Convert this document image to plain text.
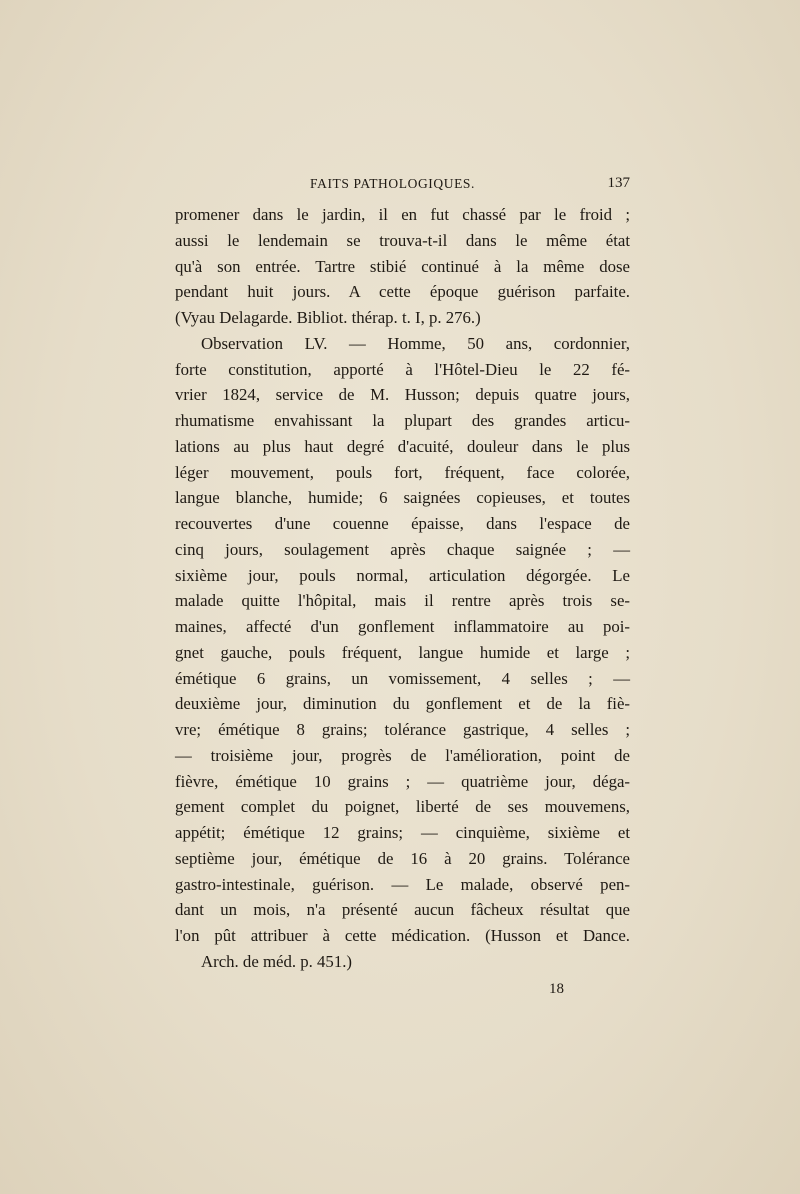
FAITS PATHOLOGIQUES.	137
promener dans le jardin, il en fut chassé par le froid ;
aussi le lendemain se trouva-t-il dans le même état
qu'à son entrée. Tartre stibié continué à la même dose
pendant huit jours. A cette époque guérison parfaite.
(Vyau Delagarde. Bibliot. thérap. t. I, p. 276.)
Observation LV. — Homme, 50 ans, cordonnier,
forte constitution, apporté à l'Hôtel-Dieu le 22 fé-
vrier 1824, service de M. Husson; depuis quatre jours,
rhumatisme envahissant la plupart des grandes articu-
lations au plus haut degré d'acuité, douleur dans le plus
léger mouvement, pouls fort, fréquent, face colorée,
langue blanche, humide; 6 saignées copieuses, et toutes
recouvertes d'une couenne épaisse, dans l'espace de
cinq jours, soulagement après chaque saignée ; —
sixième jour, pouls normal, articulation dégorgée. Le
malade quitte l'hôpital, mais il rentre après trois se-
maines, affecté d'un gonflement inflammatoire au poi-
gnet gauche, pouls fréquent, langue humide et large ;
émétique 6 grains, un vomissement, 4 selles ; —
deuxième jour, diminution du gonflement et de la fiè-
vre; émétique 8 grains; tolérance gastrique, 4 selles ;
— troisième jour, progrès de l'amélioration, point de
fièvre, émétique 10 grains ; — quatrième jour, déga-
gement complet du poignet, liberté de ses mouvemens,
appétit; émétique 12 grains; — cinquième, sixième et
septième jour, émétique de 16 à 20 grains. Tolérance
gastro-intestinale, guérison. — Le malade, observé pen-
dant un mois, n'a présenté aucun fâcheux résultat que
l'on pût attribuer à cette médication. (Husson et Dance.
Arch. de méd. p. 451.)
18
